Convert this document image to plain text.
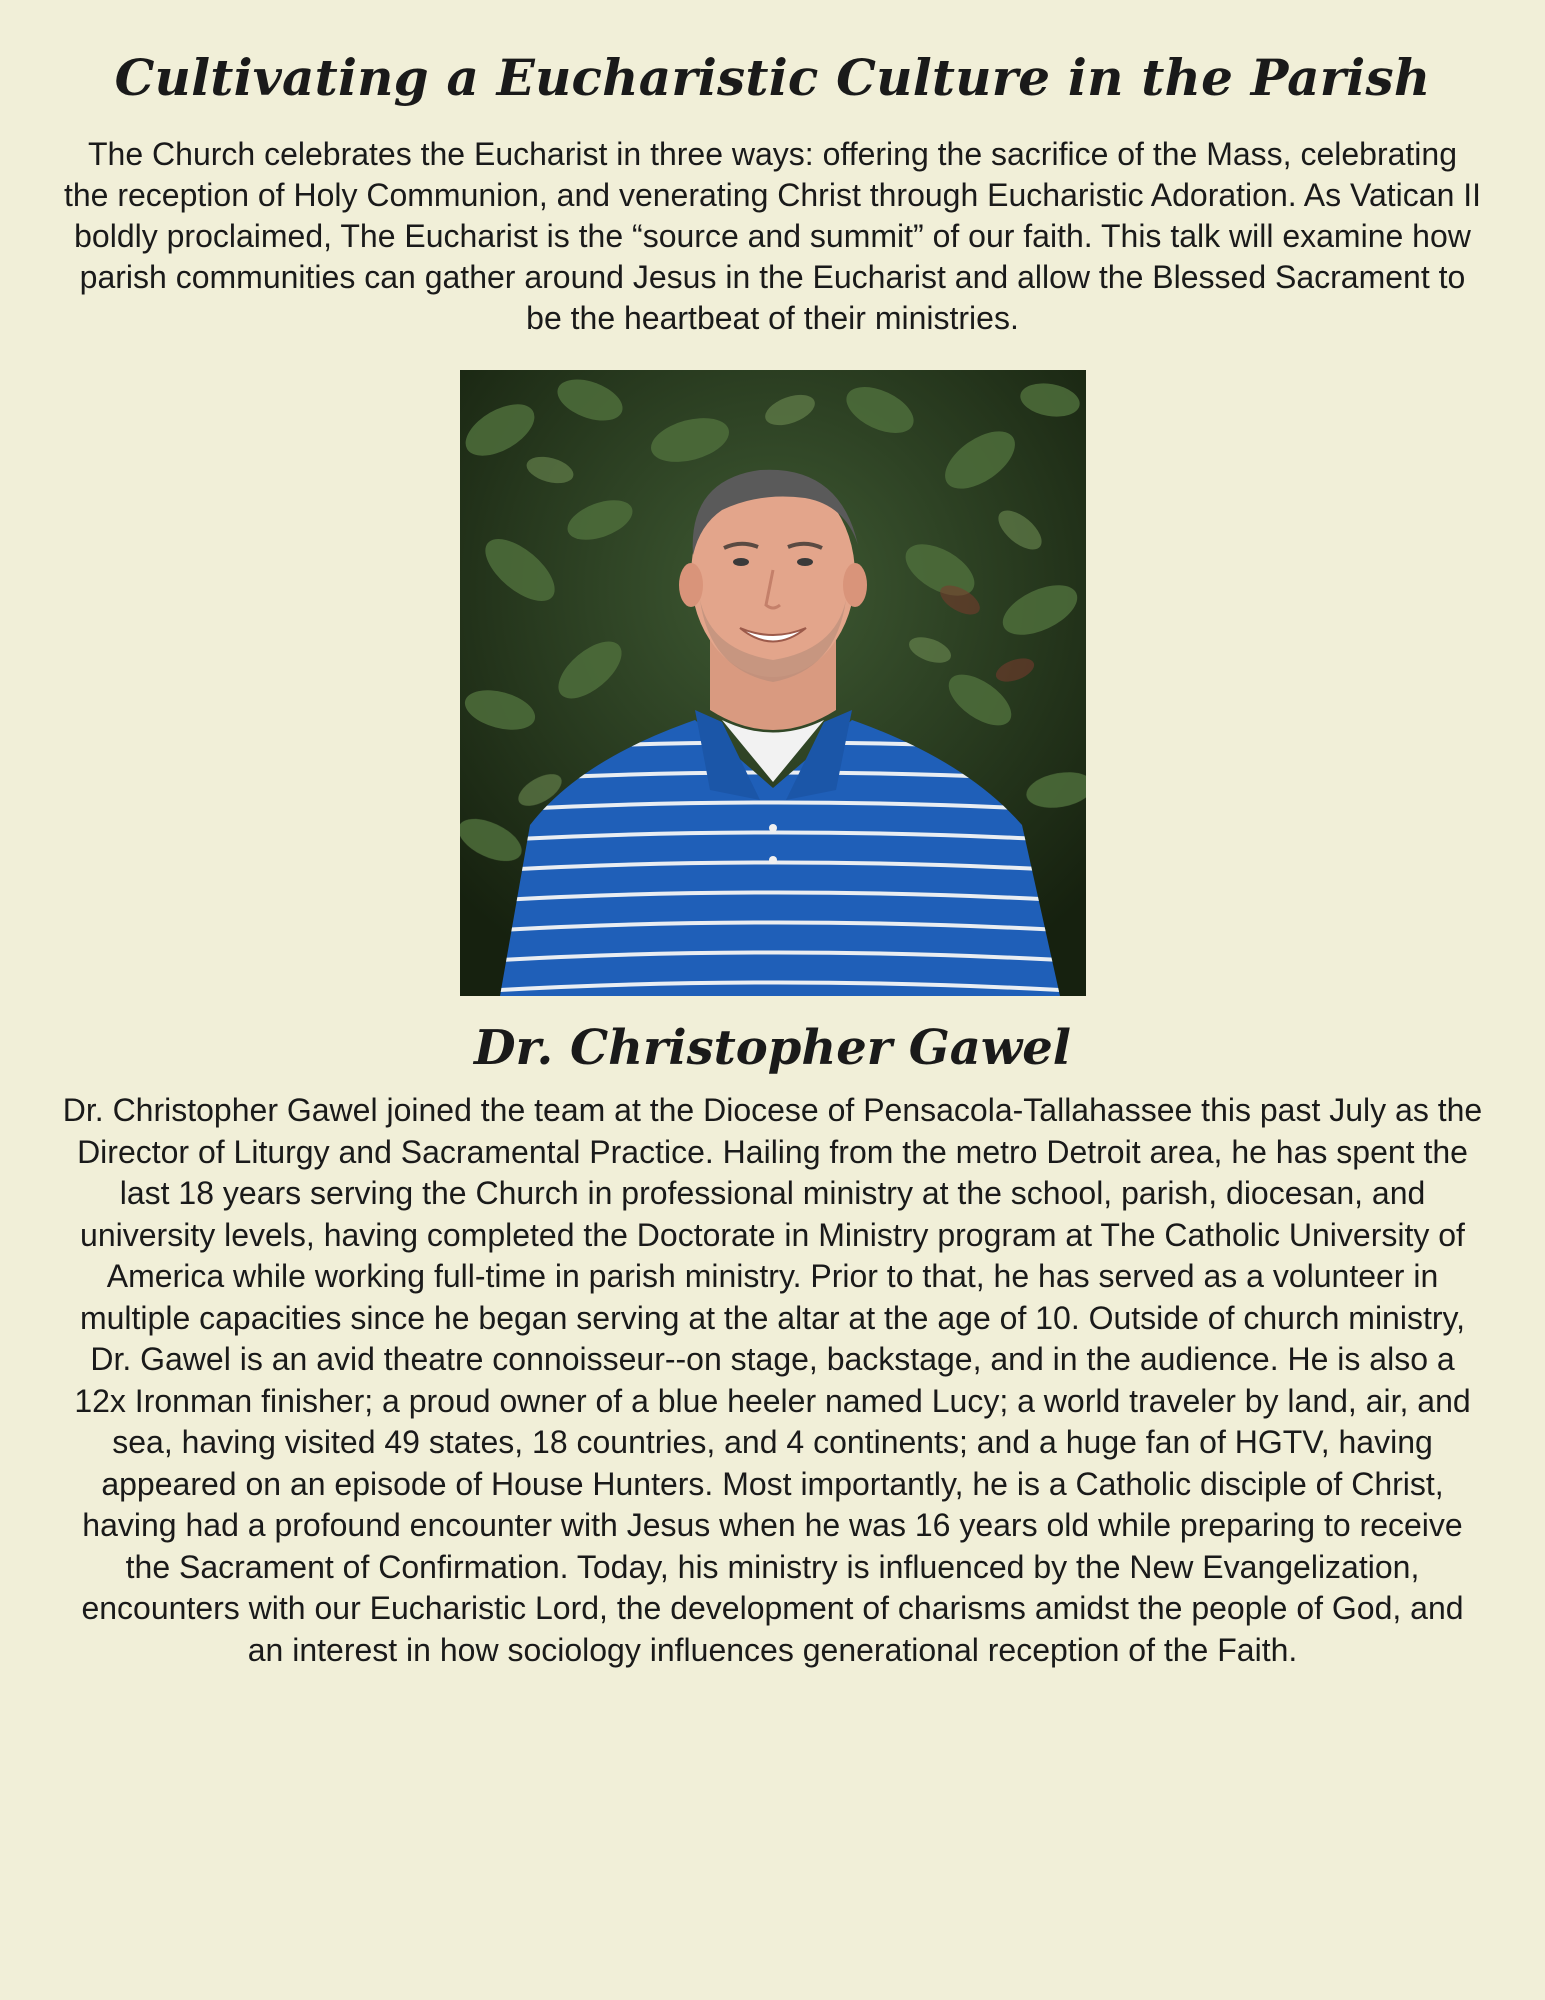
Cultivating a Eucharistic Culture in the Parish

The Church celebrates the Eucharist in three ways: offering the sacrifice of the Mass, celebrating the reception of Holy Communion, and venerating Christ through Eucharistic Adoration. As Vatican II boldly proclaimed, The Eucharist is the “source and summit” of our faith. This talk will examine how parish communities can gather around Jesus in the Eucharist and allow the Blessed Sacrament to be the heartbeat of their ministries.

Dr. Christopher Gawel

Dr. Christopher Gawel joined the team at the Diocese of Pensacola-Tallahassee this past July as the Director of Liturgy and Sacramental Practice. Hailing from the metro Detroit area, he has spent the last 18 years serving the Church in professional ministry at the school, parish, diocesan, and university levels, having completed the Doctorate in Ministry program at The Catholic University of America while working full-time in parish ministry. Prior to that, he has served as a volunteer in multiple capacities since he began serving at the altar at the age of 10. Outside of church ministry, Dr. Gawel is an avid theatre connoisseur--on stage, backstage, and in the audience. He is also a 12x Ironman finisher; a proud owner of a blue heeler named Lucy; a world traveler by land, air, and sea, having visited 49 states, 18 countries, and 4 continents; and a huge fan of HGTV, having appeared on an episode of House Hunters. Most importantly, he is a Catholic disciple of Christ, having had a profound encounter with Jesus when he was 16 years old while preparing to receive the Sacrament of Confirmation. Today, his ministry is influenced by the New Evangelization, encounters with our Eucharistic Lord, the development of charisms amidst the people of God, and an interest in how sociology influences generational reception of the Faith.
